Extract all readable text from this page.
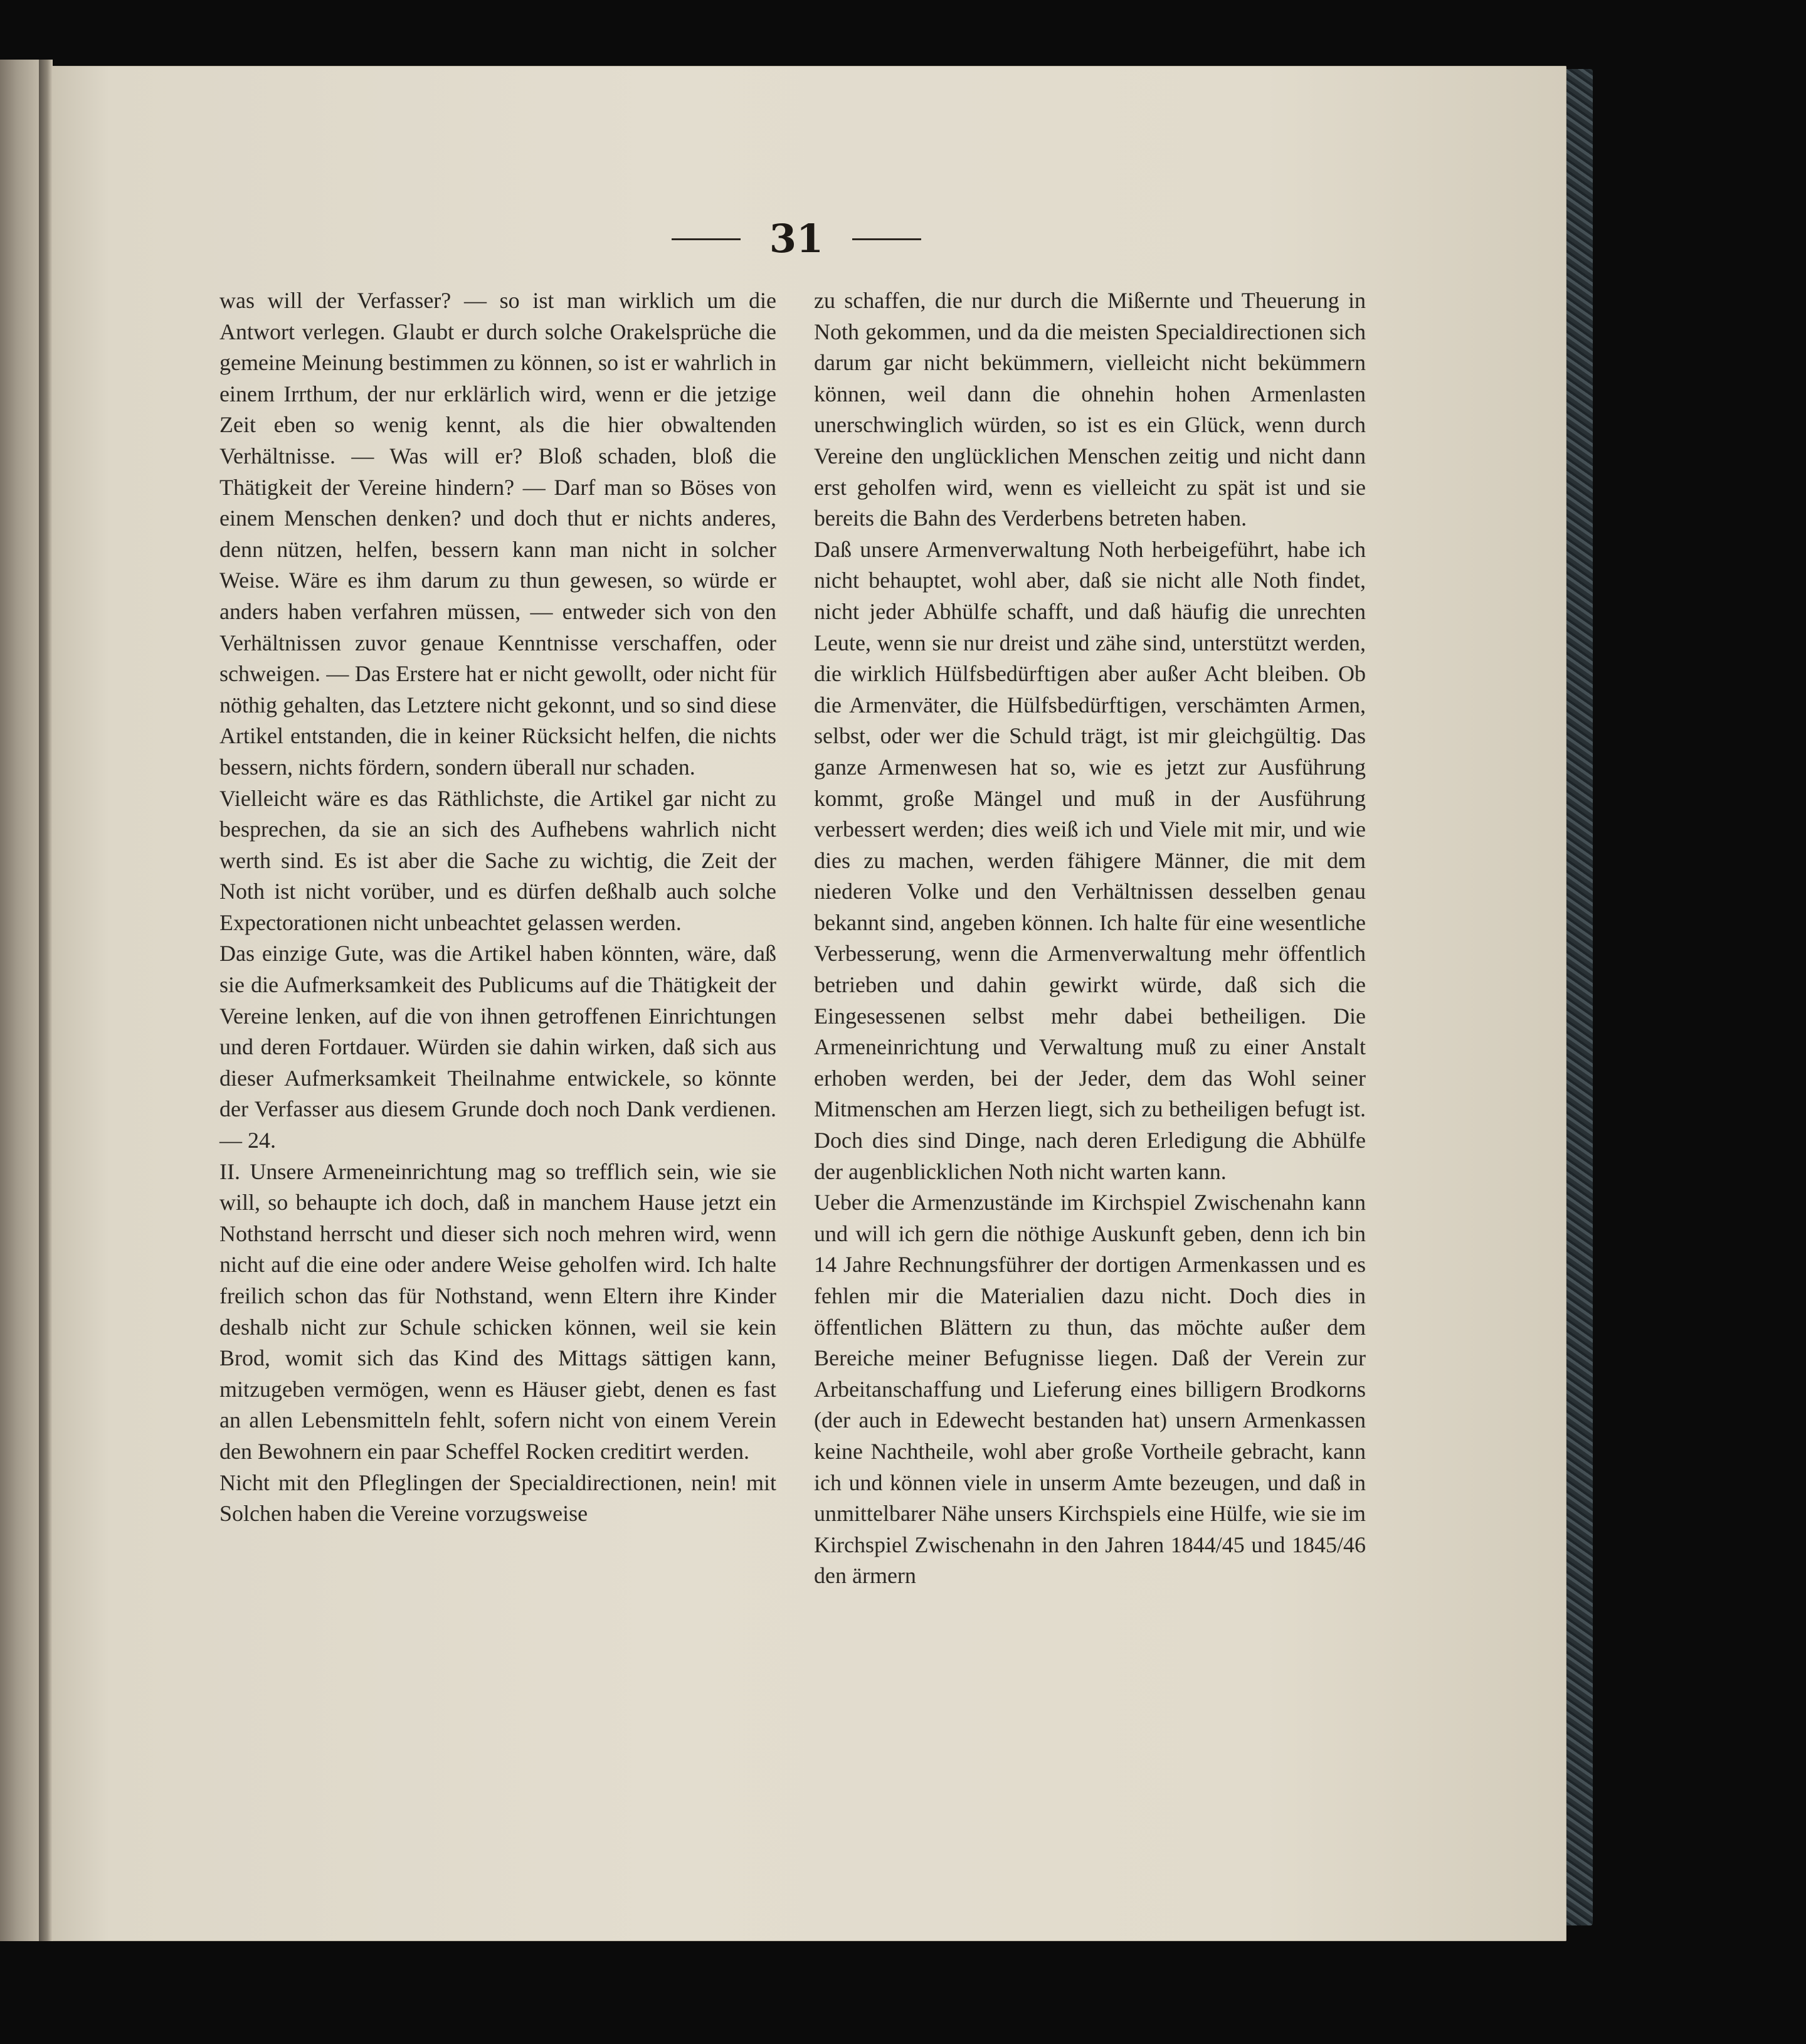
31

was will der Verfasser? — so ist man wirklich um die Antwort verlegen. Glaubt er durch solche Orakelsprüche die gemeine Meinung bestimmen zu können, so ist er wahrlich in einem Irrthum, der nur erklärlich wird, wenn er die jetzige Zeit eben so wenig kennt, als die hier obwaltenden Verhältnisse. — Was will er? Bloß schaden, bloß die Thätigkeit der Vereine hindern? — Darf man so Böses von einem Menschen denken? und doch thut er nichts anderes, denn nützen, helfen, bessern kann man nicht in solcher Weise. Wäre es ihm darum zu thun gewesen, so würde er anders haben verfahren müssen, — entweder sich von den Verhältnissen zuvor genaue Kenntnisse verschaffen, oder schweigen. — Das Erstere hat er nicht gewollt, oder nicht für nöthig gehalten, das Letztere nicht gekonnt, und so sind diese Artikel entstanden, die in keiner Rücksicht helfen, die nichts bessern, nichts fördern, sondern überall nur schaden.

Vielleicht wäre es das Räthlichste, die Artikel gar nicht zu besprechen, da sie an sich des Aufhebens wahrlich nicht werth sind. Es ist aber die Sache zu wichtig, die Zeit der Noth ist nicht vorüber, und es dürfen deßhalb auch solche Expectorationen nicht unbeachtet gelassen werden.

Das einzige Gute, was die Artikel haben könnten, wäre, daß sie die Aufmerksamkeit des Publicums auf die Thätigkeit der Vereine lenken, auf die von ihnen getroffenen Einrichtungen und deren Fortdauer. Würden sie dahin wirken, daß sich aus dieser Aufmerksamkeit Theilnahme entwickele, so könnte der Verfasser aus diesem Grunde doch noch Dank verdienen. — 24.

II. Unsere Armeneinrichtung mag so trefflich sein, wie sie will, so behaupte ich doch, daß in manchem Hause jetzt ein Nothstand herrscht und dieser sich noch mehren wird, wenn nicht auf die eine oder andere Weise geholfen wird. Ich halte freilich schon das für Nothstand, wenn Eltern ihre Kinder deshalb nicht zur Schule schicken können, weil sie kein Brod, womit sich das Kind des Mittags sättigen kann, mitzugeben vermögen, wenn es Häuser giebt, denen es fast an allen Lebensmitteln fehlt, sofern nicht von einem Verein den Bewohnern ein paar Scheffel Rocken creditirt werden.

Nicht mit den Pfleglingen der Specialdirectionen, nein! mit Solchen haben die Vereine vorzugsweise

zu schaffen, die nur durch die Mißernte und Theuerung in Noth gekommen, und da die meisten Specialdirectionen sich darum gar nicht bekümmern, vielleicht nicht bekümmern können, weil dann die ohnehin hohen Armenlasten unerschwinglich würden, so ist es ein Glück, wenn durch Vereine den unglücklichen Menschen zeitig und nicht dann erst geholfen wird, wenn es vielleicht zu spät ist und sie bereits die Bahn des Verderbens betreten haben.

Daß unsere Armenverwaltung Noth herbeigeführt, habe ich nicht behauptet, wohl aber, daß sie nicht alle Noth findet, nicht jeder Abhülfe schafft, und daß häufig die unrechten Leute, wenn sie nur dreist und zähe sind, unterstützt werden, die wirklich Hülfsbedürftigen aber außer Acht bleiben. Ob die Armenväter, die Hülfsbedürftigen, verschämten Armen, selbst, oder wer die Schuld trägt, ist mir gleichgültig. Das ganze Armenwesen hat so, wie es jetzt zur Ausführung kommt, große Mängel und muß in der Ausführung verbessert werden; dies weiß ich und Viele mit mir, und wie dies zu machen, werden fähigere Männer, die mit dem niederen Volke und den Verhältnissen desselben genau bekannt sind, angeben können. Ich halte für eine wesentliche Verbesserung, wenn die Armenverwaltung mehr öffentlich betrieben und dahin gewirkt würde, daß sich die Eingesessenen selbst mehr dabei betheiligen. Die Armeneinrichtung und Verwaltung muß zu einer Anstalt erhoben werden, bei der Jeder, dem das Wohl seiner Mitmenschen am Herzen liegt, sich zu betheiligen befugt ist. Doch dies sind Dinge, nach deren Erledigung die Abhülfe der augenblicklichen Noth nicht warten kann.

Ueber die Armenzustände im Kirchspiel Zwischenahn kann und will ich gern die nöthige Auskunft geben, denn ich bin 14 Jahre Rechnungsführer der dortigen Armenkassen und es fehlen mir die Materialien dazu nicht. Doch dies in öffentlichen Blättern zu thun, das möchte außer dem Bereiche meiner Befugnisse liegen. Daß der Verein zur Arbeitanschaffung und Lieferung eines billigern Brodkorns (der auch in Edewecht bestanden hat) unsern Armenkassen keine Nachtheile, wohl aber große Vortheile gebracht, kann ich und können viele in unserm Amte bezeugen, und daß in unmittelbarer Nähe unsers Kirchspiels eine Hülfe, wie sie im Kirchspiel Zwischenahn in den Jahren 1844/45 und 1845/46 den ärmern
